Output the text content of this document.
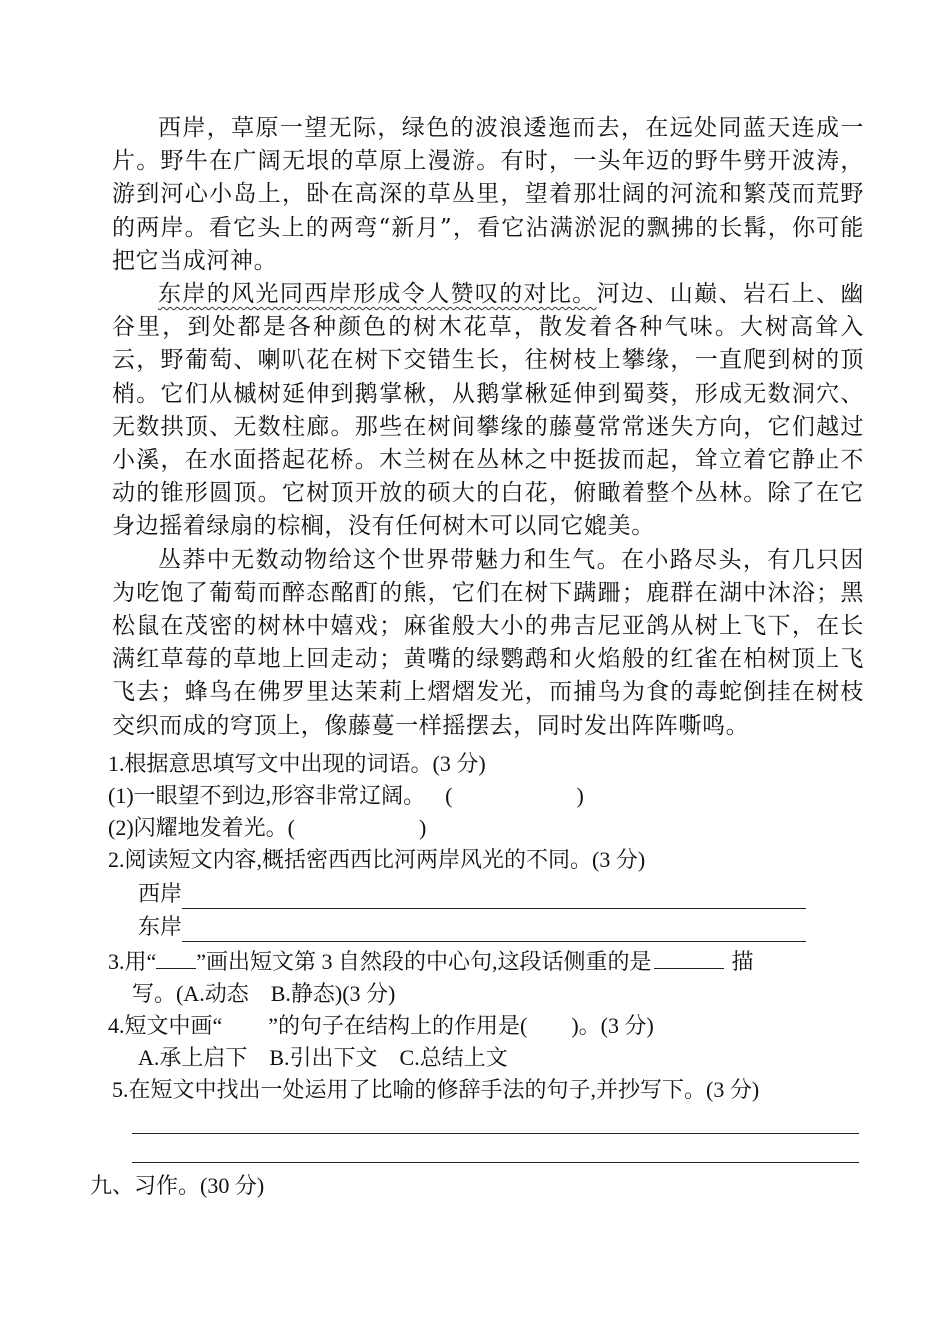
西岸，草原一望无际，绿色的波浪逶迤而去，在远处同蓝天连成一片。野牛在广阔无垠的草原上漫游。有时，一头年迈的野牛劈开波涛，游到河心小岛上，卧在高深的草丛里，望着那壮阔的河流和繁茂而荒野的两岸。看它头上的两弯“新月”，看它沾满淤泥的飘拂的长髯，你可能把它当成河神。

东岸的风光同西岸形成令人赞叹的对比。河边、山巅、岩石上、幽谷里，到处都是各种颜色的树木花草，散发着各种气味。大树高耸入云，野葡萄、喇叭花在树下交错生长，往树枝上攀缘，一直爬到树的顶梢。它们从槭树延伸到鹅掌楸，从鹅掌楸延伸到蜀葵，形成无数洞穴、无数拱顶、无数柱廊。那些在树间攀缘的藤蔓常常迷失方向，它们越过小溪，在水面搭起花桥。木兰树在丛林之中挺拔而起，耸立着它静止不动的锥形圆顶。它树顶开放的硕大的白花，俯瞰着整个丛林。除了在它身边摇着绿扇的棕榈，没有任何树木可以同它媲美。

丛莽中无数动物给这个世界带魅力和生气。在小路尽头，有几只因为吃饱了葡萄而醉态酩酊的熊，它们在树下蹒跚；鹿群在湖中沐浴；黑松鼠在茂密的树林中嬉戏；麻雀般大小的弗吉尼亚鸽从树上飞下，在长满红草莓的草地上回走动；黄嘴的绿鹦鹉和火焰般的红雀在柏树顶上飞飞去；蜂鸟在佛罗里达茉莉上熠熠发光，而捕鸟为食的毒蛇倒挂在树枝交织而成的穹顶上，像藤蔓一样摇摆去，同时发出阵阵嘶鸣。

1.根据意思填写文中出现的词语。(3 分)

(1)一眼望不到边,形容非常辽阔。 (	)

(2)闪耀地发着光。(	)

2.阅读短文内容,概括密西西比河两岸风光的不同。(3 分)

西岸
东岸

3.用“ ”画出短文第 3 自然段的中心句,这段话侧重的是	描

写。(A.动态　B.静态)(3 分)

4.短文中画“ ”的句子在结构上的作用是( )。(3 分)

A.承上启下　B.引出下文　C.总结上文

5.在短文中找出一处运用了比喻的修辞手法的句子,并抄写下。(3 分)

九、习作。(30 分)
